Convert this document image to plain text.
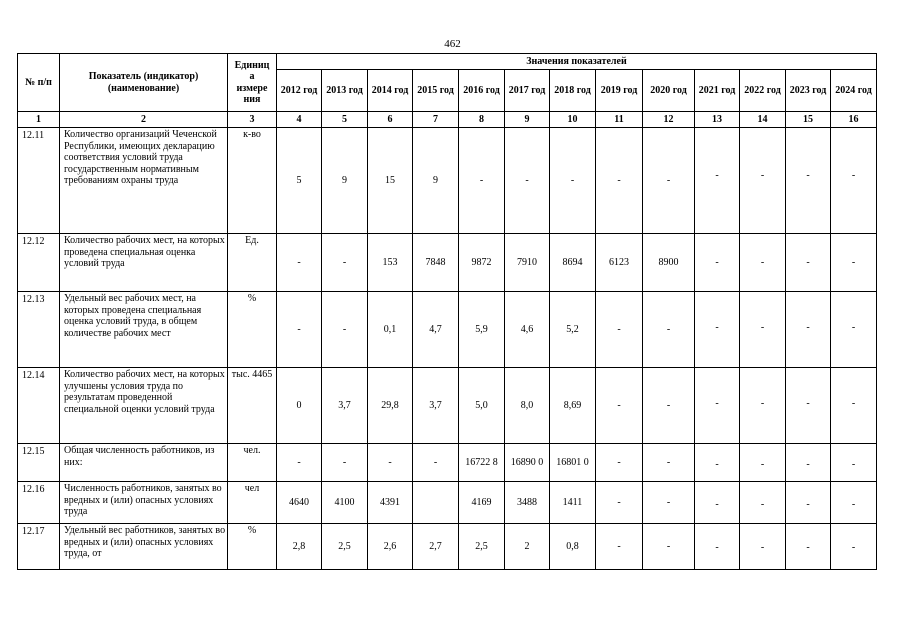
462
№ п/п	Показатель (индикатор) (наименование)	Единиц
а
измере
ния	Значения показателей												
			2012 год	2013 год	2014 год	2015 год	2016 год	2017 год	2018 год	2019 год	2020 год	2021 год	2022 год	2023 год	2024 год
1	2	3	4	5	6	7	8	9	10	11	12	13	14	15	16
12.11	Количество организаций Чеченской Республики, имеющих декларацию соответствия условий труда государственным нормативным требованиям охраны труда	к-во	5	9	15	9	-	-	-	-	-	-	-	-	-

12.12	Количество рабочих мест, на которых проведена специальная оценка условий труда	Ед.	-	-	153	7848	9872	7910	8694	6123	8900	-	-	-	-

12.13	Удельный вес рабочих мест, на которых проведена специальная оценка условий труда, в общем количестве рабочих мест	%	-	-	0,1	4,7	5,9	4,6	5,2	-	-	-	-	-	-

12.14	Количество рабочих мест, на которых улучшены условия труда по результатам проведенной специальной оценки условий труда	тыс. 4465	0	3,7	29,8	3,7	5,0	8,0	8,69	-	-	-	-	-	-

12.15	Общая численность работников, из них:	чел.	-	-	-	-	16722 8	16890 0	16801 0	-	-	-	-	-	-

12.16	Численность работников, занятых во вредных и (или) опасных условиях труда	чел	4640	4100	4391		4169	3488	1411	-	-	-	-	-	-

12.17	Удельный вес работников, занятых во вредных и (или) опасных условиях труда, от	%	2,8	2,5	2,6	2,7	2,5	2	0,8	-	-	-	-	-	-
